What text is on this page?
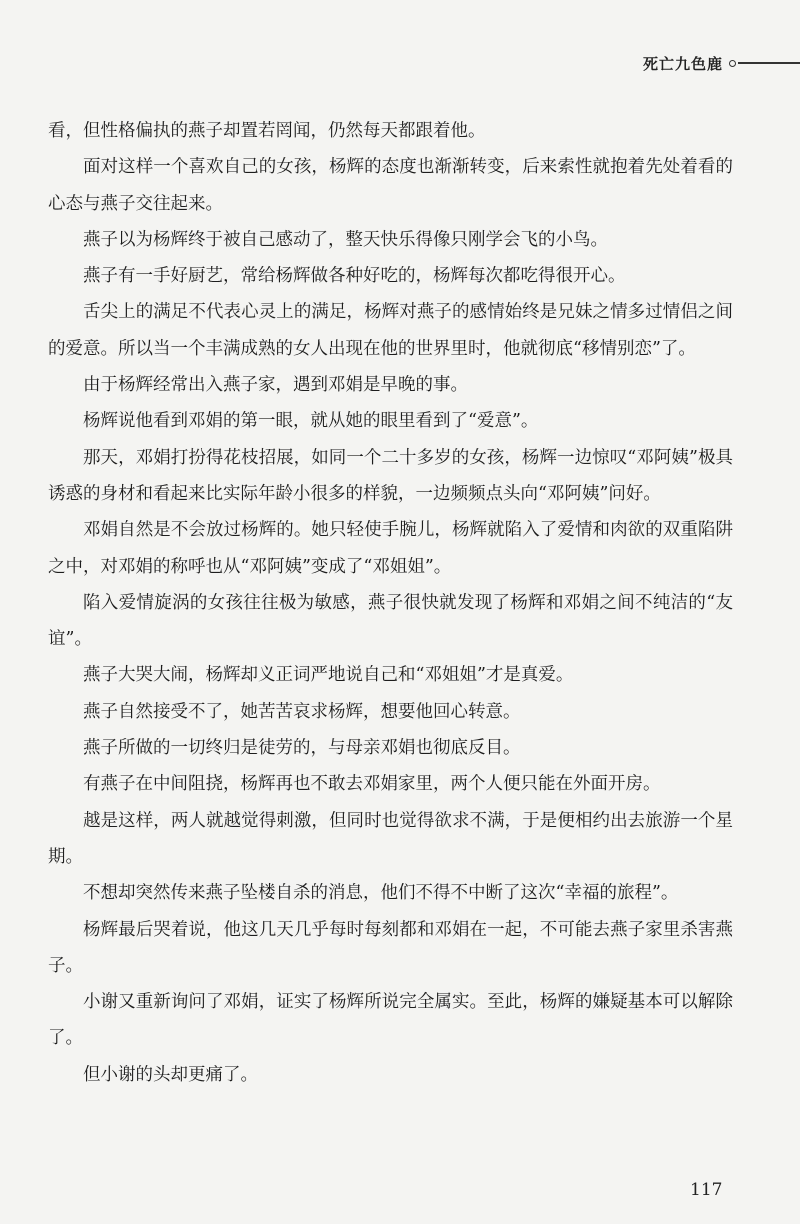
死亡九色鹿

看，但性格偏执的燕子却置若罔闻，仍然每天都跟着他。

面对这样一个喜欢自己的女孩，杨辉的态度也渐渐转变，后来索性就抱着先处着看的心态与燕子交往起来。

燕子以为杨辉终于被自己感动了，整天快乐得像只刚学会飞的小鸟。

燕子有一手好厨艺，常给杨辉做各种好吃的，杨辉每次都吃得很开心。

舌尖上的满足不代表心灵上的满足，杨辉对燕子的感情始终是兄妹之情多过情侣之间的爱意。所以当一个丰满成熟的女人出现在他的世界里时，他就彻底“移情别恋”了。

由于杨辉经常出入燕子家，遇到邓娟是早晚的事。

杨辉说他看到邓娟的第一眼，就从她的眼里看到了“爱意”。

那天，邓娟打扮得花枝招展，如同一个二十多岁的女孩，杨辉一边惊叹“邓阿姨”极具诱惑的身材和看起来比实际年龄小很多的样貌，一边频频点头向“邓阿姨”问好。

邓娟自然是不会放过杨辉的。她只轻使手腕儿，杨辉就陷入了爱情和肉欲的双重陷阱之中，对邓娟的称呼也从“邓阿姨”变成了“邓姐姐”。

陷入爱情旋涡的女孩往往极为敏感，燕子很快就发现了杨辉和邓娟之间不纯洁的“友谊”。

燕子大哭大闹，杨辉却义正词严地说自己和“邓姐姐”才是真爱。

燕子自然接受不了，她苦苦哀求杨辉，想要他回心转意。

燕子所做的一切终归是徒劳的，与母亲邓娟也彻底反目。

有燕子在中间阻挠，杨辉再也不敢去邓娟家里，两个人便只能在外面开房。

越是这样，两人就越觉得刺激，但同时也觉得欲求不满，于是便相约出去旅游一个星期。

不想却突然传来燕子坠楼自杀的消息，他们不得不中断了这次“幸福的旅程”。

杨辉最后哭着说，他这几天几乎每时每刻都和邓娟在一起，不可能去燕子家里杀害燕子。

小谢又重新询问了邓娟，证实了杨辉所说完全属实。至此，杨辉的嫌疑基本可以解除了。

但小谢的头却更痛了。

117
